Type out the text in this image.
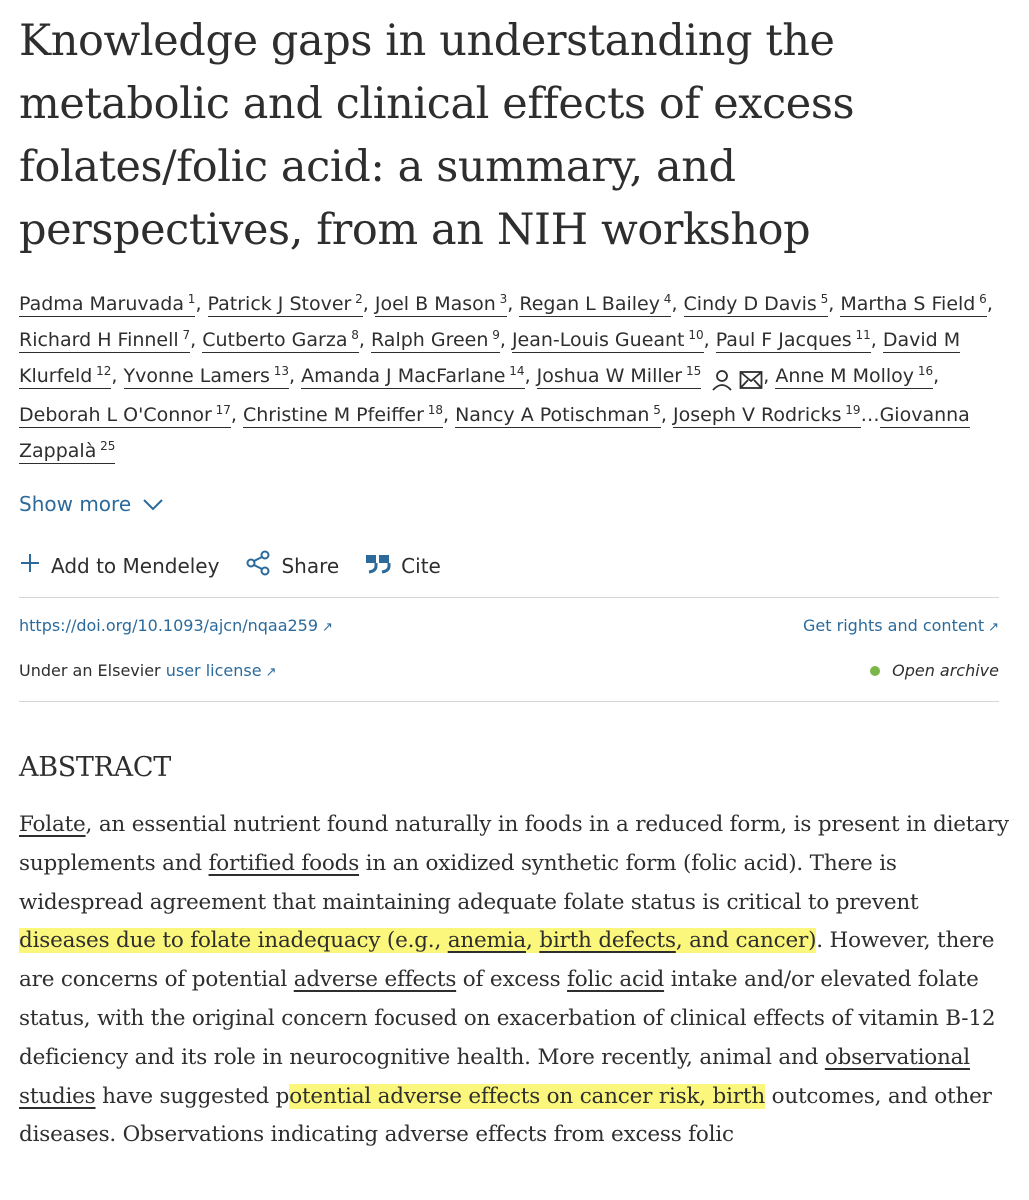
Knowledge gaps in understanding the metabolic and clinical effects of excess folates/folic acid: a summary, and perspectives, from an NIH workshop
Padma Maruvada $^1$, Patrick J Stover $^2$, Joel B Mason $^3$, Regan L Bailey $^4$, Cindy D Davis $^5$, Martha S Field $^6$, Richard H Finnell $^7$, Cutberto Garza $^8$, Ralph Green $^9$, Jean-Louis Gueant $^{10}$, Paul F Jacques $^{11}$, David M Klurfeld $^{12}$, Yvonne Lamers $^{13}$, Amanda J MacFarlane $^{14}$, Joshua W Miller $^{15}$	, Anne M Molloy $^{16}$, Deborah L O'Connor $^{17}$, Christine M Pfeiffer $^{18}$, Nancy A Potischman $^5$, Joseph V Rodricks $^{19}$…Giovanna Zappalà $^{25}$
Show more
Add to Mendeley	Share	Cite
https://doi.org/10.1093/ajcn/nqaa259 ↗	Get rights and content ↗
Under an Elsevier user license ↗	Open archive
ABSTRACT

Folate, an essential nutrient found naturally in foods in a reduced form, is present in dietary supplements and fortified foods in an oxidized synthetic form (folic acid). There is widespread agreement that maintaining adequate folate status is critical to prevent diseases due to folate inadequacy (e.g., anemia, birth defects, and cancer). However, there are concerns of potential adverse effects of excess folic acid intake and/or elevated folate status, with the original concern focused on exacerbation of clinical effects of vitamin B-12 deficiency and its role in neurocognitive health. More recently, animal and observational studies have suggested potential adverse effects on cancer risk, birth outcomes, and other diseases. Observations indicating adverse effects from excess folic
